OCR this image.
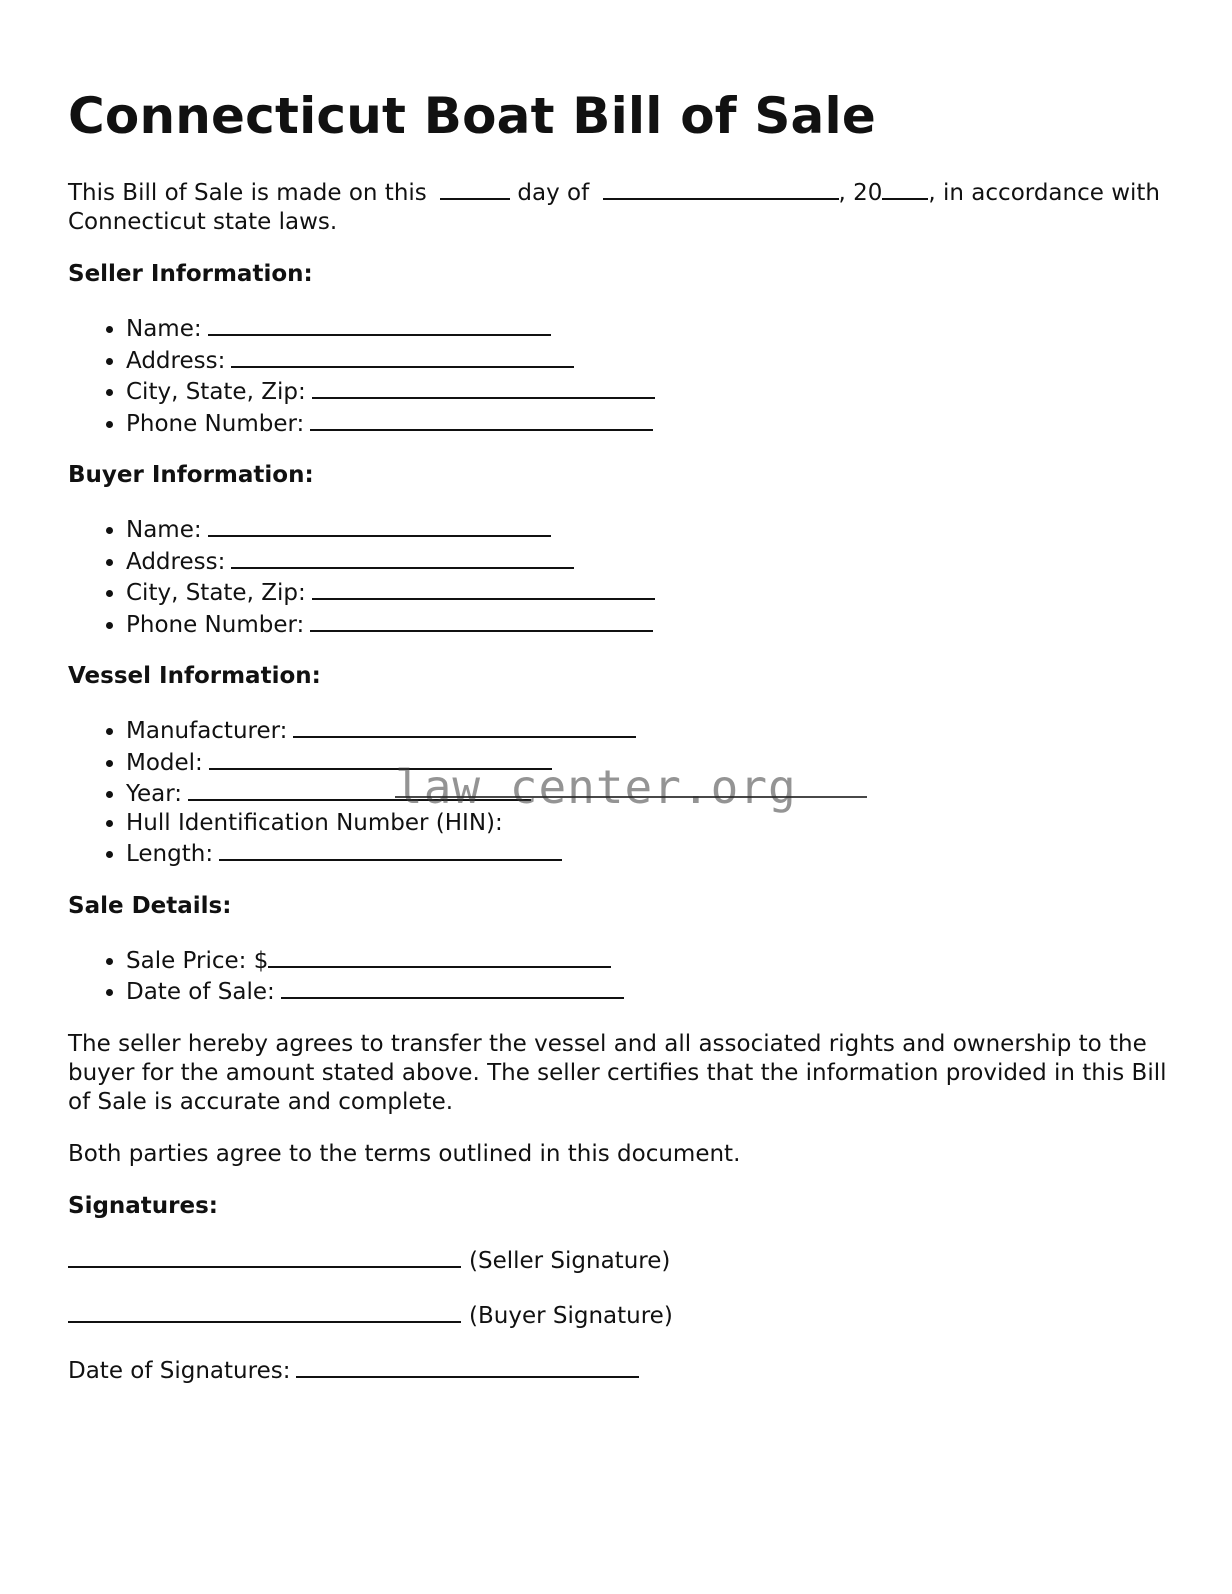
Connecticut Boat Bill of Sale

This Bill of Sale is made on this	day of	, 20 , in accordance with Connecticut state laws.

Seller Information:

• Name:
• Address:
• City, State, Zip:
• Phone Number:

Buyer Information:

• Name:
• Address:
• City, State, Zip:
• Phone Number:

Vessel Information:

• Manufacturer:
• Model:
• Year:
• Hull Identification Number (HIN):
• Length:

Sale Details:

• Sale Price: $
• Date of Sale:

The seller hereby agrees to transfer the vessel and all associated rights and ownership to the buyer for the amount stated above. The seller certifies that the information provided in this Bill of Sale is accurate and complete.

Both parties agree to the terms outlined in this document.

Signatures:

(Seller Signature)

(Buyer Signature)

Date of Signatures:

law center.org
